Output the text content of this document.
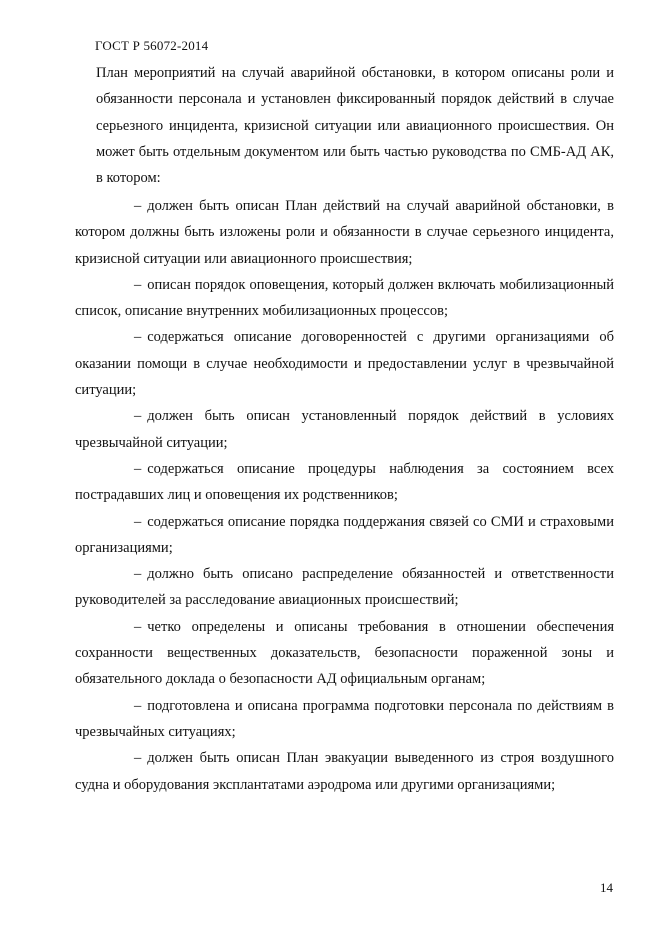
ГОСТ Р 56072-2014

План мероприятий на случай аварийной обстановки, в котором описаны роли и обязанности персонала и установлен фиксированный порядок действий в случае серьезного инцидента, кризисной ситуации или авиационного происшествия. Он может быть отдельным документом или быть частью руководства по СМБ-АД АК, в котором:

– должен быть описан План действий на случай аварийной обстановки, в котором должны быть изложены роли и обязанности в случае серьезного инцидента, кризисной ситуации или авиационного происшествия;
– описан порядок оповещения, который должен включать мобилизационный список, описание внутренних мобилизационных процессов;
– содержаться описание договоренностей с другими организациями об оказании помощи в случае необходимости и предоставлении услуг в чрезвычайной ситуации;
– должен быть описан установленный порядок действий в условиях чрезвычайной ситуации;
– содержаться описание процедуры наблюдения за состоянием всех пострадавших лиц и оповещения их родственников;
– содержаться описание порядка поддержания связей со СМИ и страховыми организациями;
– должно быть описано распределение обязанностей и ответственности руководителей за расследование авиационных происшествий;
– четко определены и описаны требования в отношении обеспечения сохранности вещественных доказательств, безопасности пораженной зоны и обязательного доклада о безопасности АД официальным органам;
– подготовлена и описана программа подготовки персонала по действиям в чрезвычайных ситуациях;
– должен быть описан План эвакуации выведенного из строя воздушного судна и оборудования эксплантатами аэродрома или другими организациями;
14
